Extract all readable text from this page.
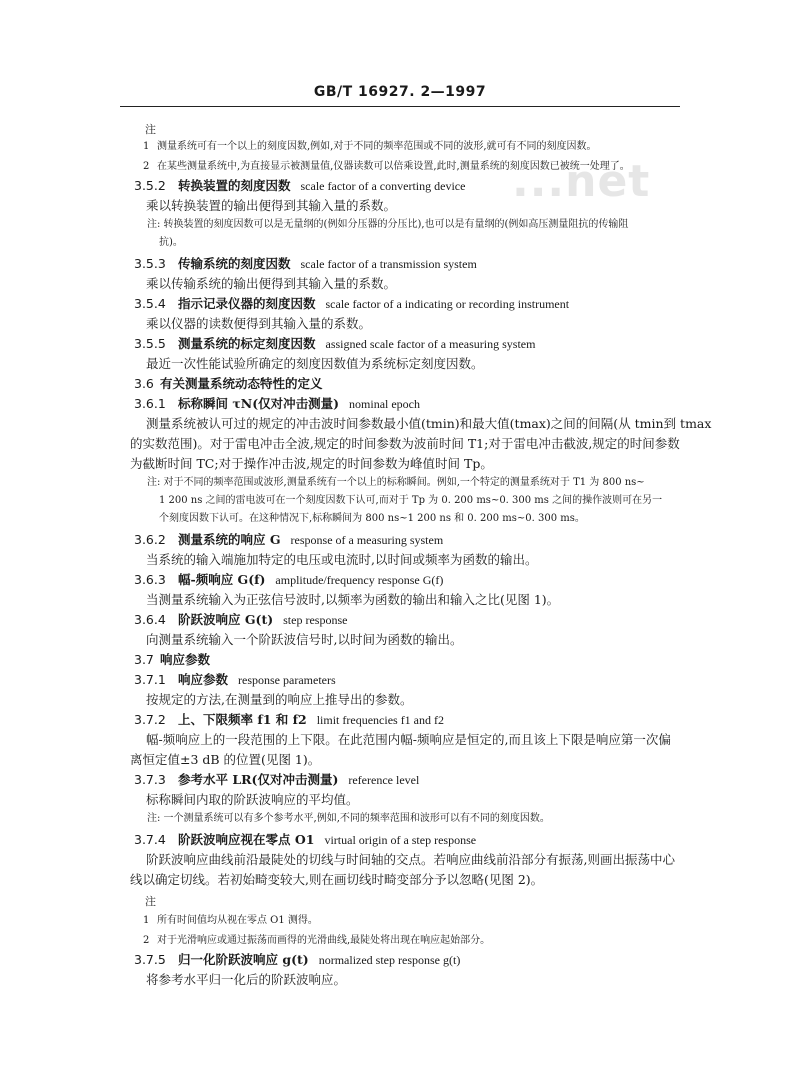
GB/T 16927. 2—1997
...net
注
1 测量系统可有一个以上的刻度因数,例如,对于不同的频率范围或不同的波形,就可有不同的刻度因数。
2 在某些测量系统中,为直接显示被测量值,仪器读数可以倍乘设置,此时,测量系统的刻度因数已被统一处理了。
3.5.2 转换装置的刻度因数 scale factor of a converting device
乘以转换装置的输出便得到其输入量的系数。
注: 转换装置的刻度因数可以是无量纲的(例如分压器的分压比),也可以是有量纲的(例如高压测量阻抗的传输阻
抗)。
3.5.3 传输系统的刻度因数 scale factor of a transmission system
乘以传输系统的输出便得到其输入量的系数。
3.5.4 指示记录仪器的刻度因数 scale factor of a indicating or recording instrument
乘以仪器的读数便得到其输入量的系数。
3.5.5 测量系统的标定刻度因数 assigned scale factor of a measuring system
最近一次性能试验所确定的刻度因数值为系统标定刻度因数。
3.6 有关测量系统动态特性的定义
3.6.1 标称瞬间 τN(仅对冲击测量) nominal epoch
测量系统被认可过的规定的冲击波时间参数最小值(tmin)和最大值(tmax)之间的间隔(从 tmin到 tmax
的实数范围)。对于雷电冲击全波,规定的时间参数为波前时间 T1;对于雷电冲击截波,规定的时间参数
为截断时间 TC;对于操作冲击波,规定的时间参数为峰值时间 Tp。
注: 对于不同的频率范围或波形,测量系统有一个以上的标称瞬间。例如,一个特定的测量系统对于 T1 为 800 ns~
1 200 ns 之间的雷电波可在一个刻度因数下认可,而对于 Tp 为 0. 200 ms~0. 300 ms 之间的操作波则可在另一
个刻度因数下认可。在这种情况下,标称瞬间为 800 ns~1 200 ns 和 0. 200 ms~0. 300 ms。
3.6.2 测量系统的响应 G response of a measuring system
当系统的输入端施加特定的电压或电流时,以时间或频率为函数的输出。
3.6.3 幅-频响应 G(f) amplitude/frequency response G(f)
当测量系统输入为正弦信号波时,以频率为函数的输出和输入之比(见图 1)。
3.6.4 阶跃波响应 G(t) step response
向测量系统输入一个阶跃波信号时,以时间为函数的输出。
3.7 响应参数
3.7.1 响应参数 response parameters
按规定的方法,在测量到的响应上推导出的参数。
3.7.2 上、下限频率 f1 和 f2 limit frequencies f1 and f2
幅-频响应上的一段范围的上下限。在此范围内幅-频响应是恒定的,而且该上下限是响应第一次偏
离恒定值±3 dB 的位置(见图 1)。
3.7.3 参考水平 LR(仅对冲击测量) reference level
标称瞬间内取的阶跃波响应的平均值。
注: 一个测量系统可以有多个参考水平,例如,不同的频率范围和波形可以有不同的刻度因数。
3.7.4 阶跃波响应视在零点 O1 virtual origin of a step response
阶跃波响应曲线前沿最陡处的切线与时间轴的交点。若响应曲线前沿部分有振荡,则画出振荡中心
线以确定切线。若初始畸变较大,则在画切线时畸变部分予以忽略(见图 2)。
注
1 所有时间值均从视在零点 O1 测得。
2 对于光滑响应或通过振荡而画得的光滑曲线,最陡处将出现在响应起始部分。
3.7.5 归一化阶跃波响应 g(t) normalized step response g(t)
将参考水平归一化后的阶跃波响应。
